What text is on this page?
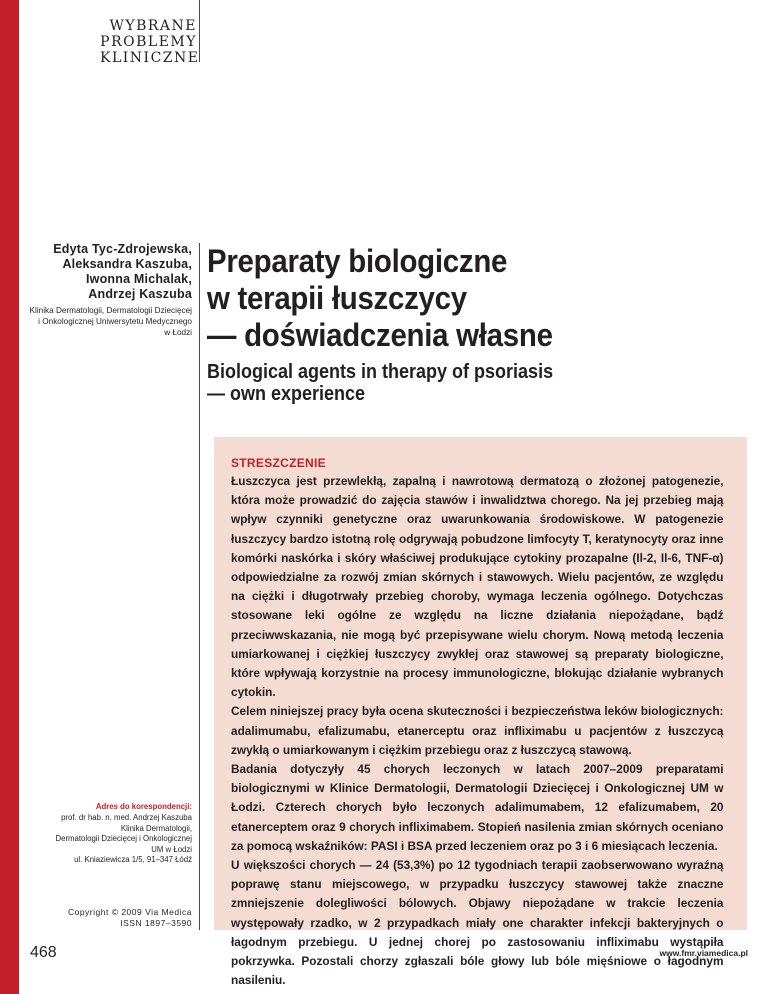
WYBRANE
PROBLEMY
KLINICZNE
Edyta Tyc-Zdrojewska,
Aleksandra Kaszuba,
Iwonna Michalak,
Andrzej Kaszuba
Klinika Dermatologii, Dermatologii Dziecięcej
i Onkologicznej Uniwersytetu Medycznego
w Łodzi
Adres do korespondencji:
prof. dr hab. n. med. Andrzej Kaszuba
Klinika Dermatologii,
Dermatologii Dziecięcej i Onkologicznej
UM w Łodzi
ul. Kniaziewicza 1/5, 91–347 Łódź
Copyright © 2009 Via Medica
ISSN 1897–3590
468
Preparaty biologiczne
w terapii łuszczycy
— doświadczenia własne
Biological agents in therapy of psoriasis
— own experience
STRESZCZENIE

Łuszczyca jest przewlekłą, zapalną i nawrotową dermatozą o złożonej patogenezie, która może prowadzić do zajęcia stawów i inwalidztwa chorego. Na jej przebieg mają wpływ czynniki genetyczne oraz uwarunkowania środowiskowe. W patogenezie łuszczycy bardzo istotną rolę odgrywają pobudzone limfocyty T, keratynocyty oraz inne komórki naskórka i skóry właściwej produkujące cytokiny prozapalne (Il-2, Il-6, TNF-α) odpowiedzialne za rozwój zmian skórnych i stawowych. Wielu pacjentów, ze względu na ciężki i długotrwały przebieg choroby, wymaga leczenia ogólnego. Dotychczas stosowane leki ogólne ze względu na liczne działania niepożądane, bądź przeciwwskazania, nie mogą być przepisywane wielu chorym. Nową metodą leczenia umiarkowanej i ciężkiej łuszczycy zwykłej oraz stawowej są preparaty biologiczne, które wpływają korzystnie na procesy immunologiczne, blokując działanie wybranych cytokin.

Celem niniejszej pracy była ocena skuteczności i bezpieczeństwa leków biologicznych: adalimumabu, efalizumabu, etanerceptu oraz infliximabu u pacjentów z łuszczycą zwykłą o umiarkowanym i ciężkim przebiegu oraz z łuszczycą stawową.

Badania dotyczyły 45 chorych leczonych w latach 2007–2009 preparatami biologicznymi w Klinice Dermatologii, Dermatologii Dziecięcej i Onkologicznej UM w Łodzi. Czterech chorych było leczonych adalimumabem, 12 efalizumabem, 20 etanerceptem oraz 9 chorych infliximabem. Stopień nasilenia zmian skórnych oceniano za pomocą wskaźników: PASI i BSA przed leczeniem oraz po 3 i 6 miesiącach leczenia.

U większości chorych — 24 (53,3%) po 12 tygodniach terapii zaobserwowano wyraźną poprawę stanu miejscowego, w przypadku łuszczycy stawowej także znaczne zmniejszenie dolegliwości bólowych. Objawy niepożądane w trakcie leczenia występowały rzadko, w 2 przypadkach miały one charakter infekcji bakteryjnych o łagodnym przebiegu. U jednej chorej po zastosowaniu infliximabu wystąpiła pokrzywka. Pozostali chorzy zgłaszali bóle głowy lub bóle mięśniowe o łagodnym nasileniu.

www.fmr.viamedica.pl
